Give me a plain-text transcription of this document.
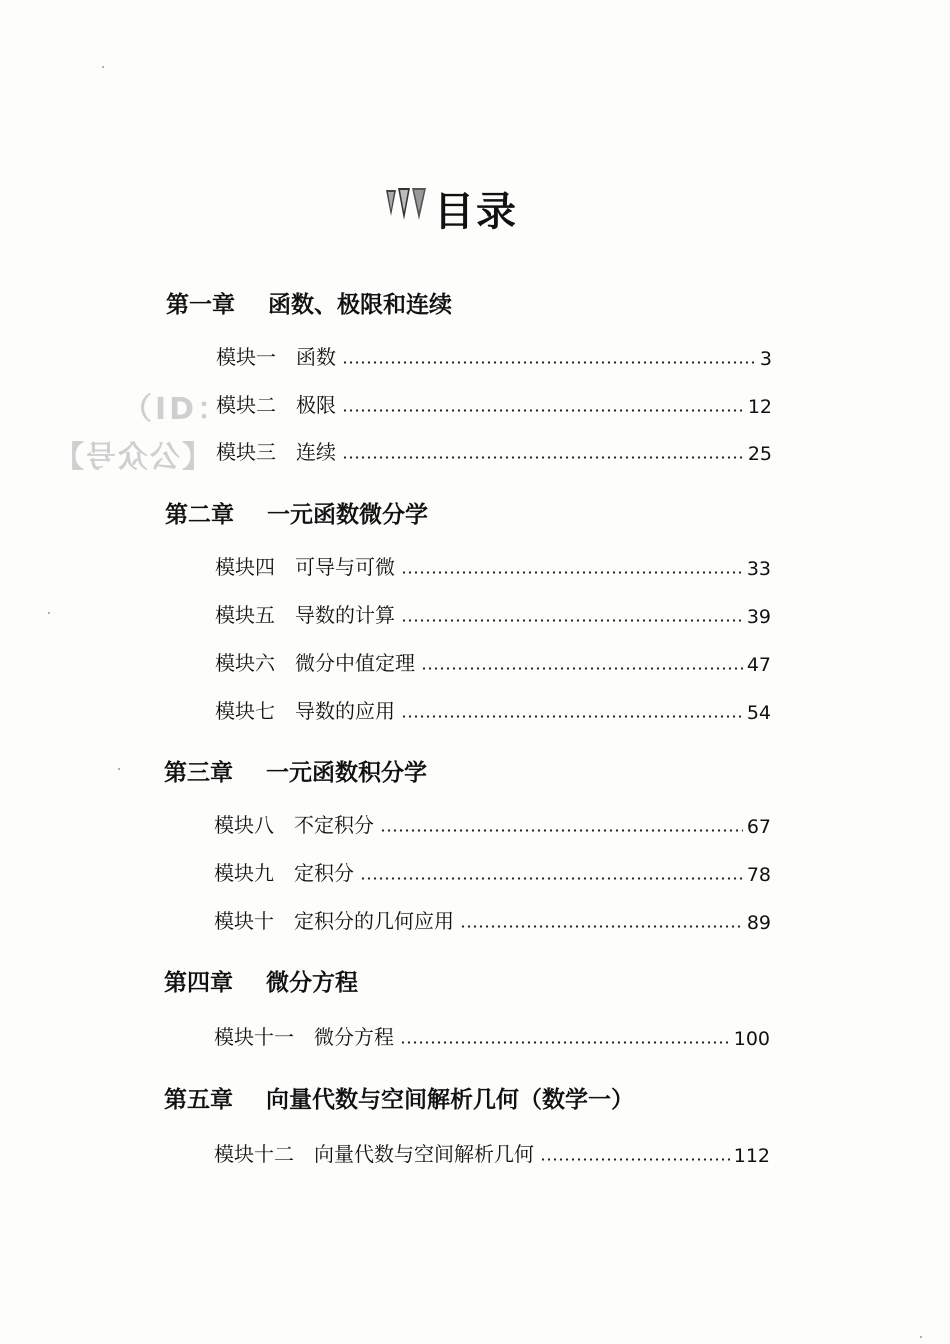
（ID：
【公众号】
目录
第一章 函数、极限和连续
模块一 函数	3
模块二 极限	12
模块三 连续	25
第二章 一元函数微分学
模块四 可导与可微	33
模块五 导数的计算	39
模块六 微分中值定理	47
模块七 导数的应用	54
第三章 一元函数积分学
模块八 不定积分	67
模块九 定积分	78
模块十 定积分的几何应用	89
第四章 微分方程
模块十一 微分方程	100
第五章 向量代数与空间解析几何（数学一）
模块十二 向量代数与空间解析几何	112
